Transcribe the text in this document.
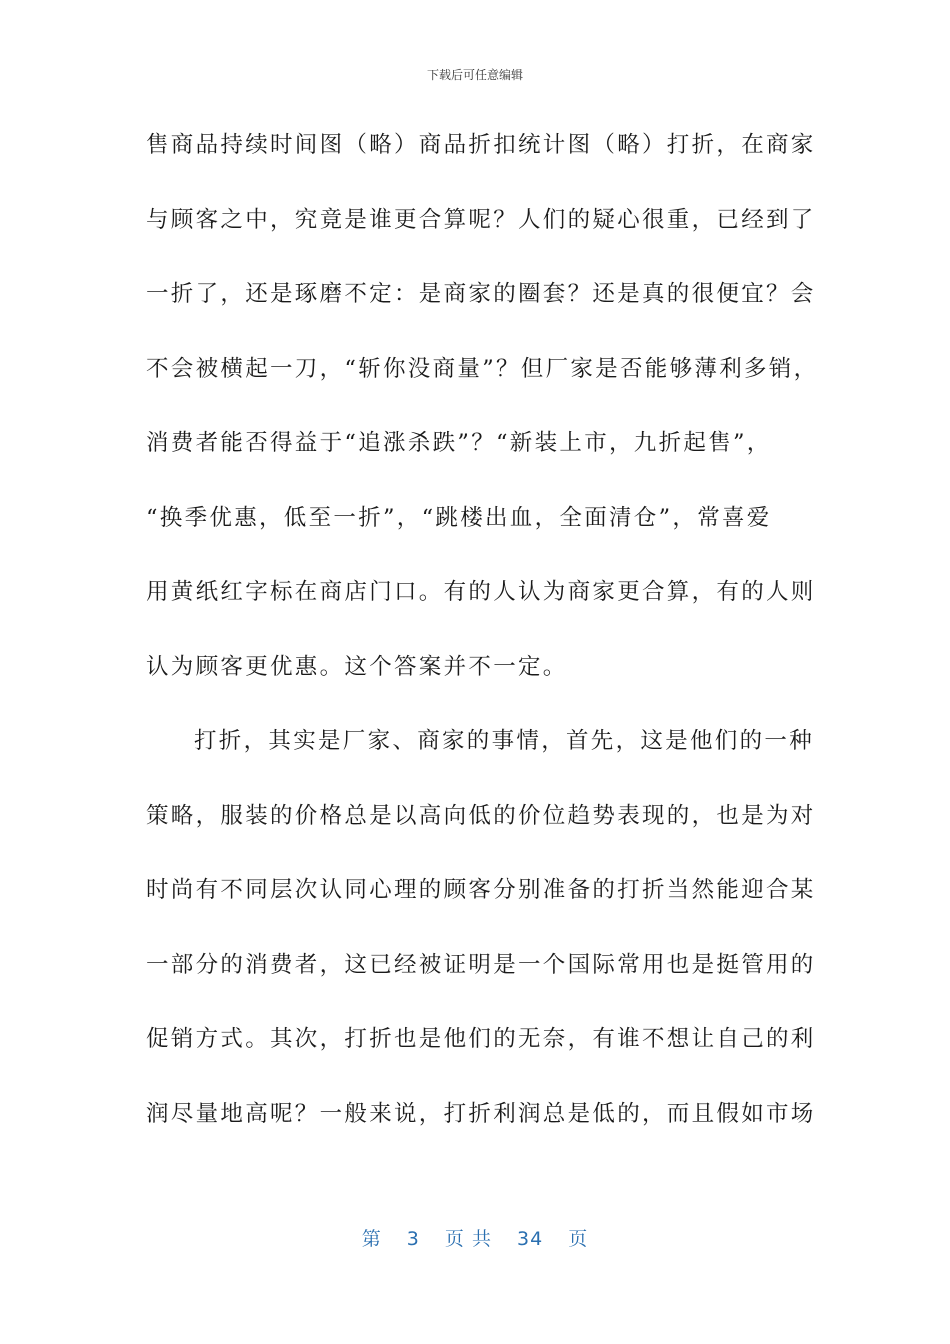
下载后可任意编辑
售商品持续时间图（略）商品折扣统计图（略）打折，在商家
与顾客之中，究竟是谁更合算呢？人们的疑心很重，已经到了
一折了，还是琢磨不定：是商家的圈套？还是真的很便宜？会
不会被横起一刀，“斩你没商量”？但厂家是否能够薄利多销，
消费者能否得益于“追涨杀跌”？“新装上市，九折起售”，
“换季优惠，低至一折”，“跳楼出血，全面清仓”，常喜爱
用黄纸红字标在商店门口。有的人认为商家更合算，有的人则
认为顾客更优惠。这个答案并不一定。
打折，其实是厂家、商家的事情，首先，这是他们的一种
策略，服装的价格总是以高向低的价位趋势表现的，也是为对
时尚有不同层次认同心理的顾客分别准备的打折当然能迎合某
一部分的消费者，这已经被证明是一个国际常用也是挺管用的
促销方式。其次，打折也是他们的无奈，有谁不想让自己的利
润尽量地高呢？一般来说，打折利润总是低的，而且假如市场
第 3 页 共 34 页
